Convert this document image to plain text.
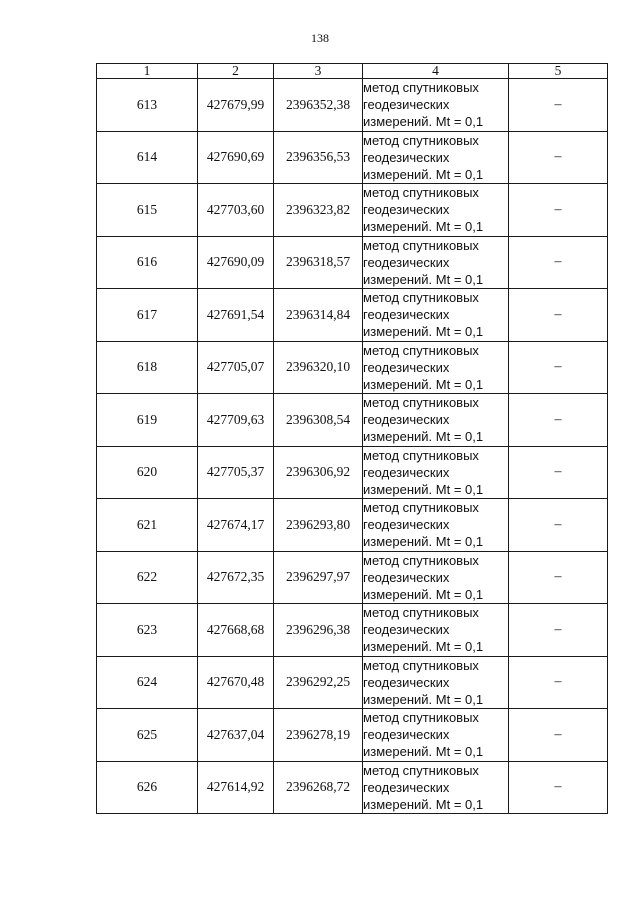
138
1	2	3	4	5
613	427679,99	2396352,38	метод спутниковых
геодезических
измерений. Mt = 0,1	–
614	427690,69	2396356,53	метод спутниковых
геодезических
измерений. Mt = 0,1	–
615	427703,60	2396323,82	метод спутниковых
геодезических
измерений. Mt = 0,1	–
616	427690,09	2396318,57	метод спутниковых
геодезических
измерений. Mt = 0,1	–
617	427691,54	2396314,84	метод спутниковых
геодезических
измерений. Mt = 0,1	–
618	427705,07	2396320,10	метод спутниковых
геодезических
измерений. Mt = 0,1	–
619	427709,63	2396308,54	метод спутниковых
геодезических
измерений. Mt = 0,1	–
620	427705,37	2396306,92	метод спутниковых
геодезических
измерений. Mt = 0,1	–
621	427674,17	2396293,80	метод спутниковых
геодезических
измерений. Mt = 0,1	–
622	427672,35	2396297,97	метод спутниковых
геодезических
измерений. Mt = 0,1	–
623	427668,68	2396296,38	метод спутниковых
геодезических
измерений. Mt = 0,1	–
624	427670,48	2396292,25	метод спутниковых
геодезических
измерений. Mt = 0,1	–
625	427637,04	2396278,19	метод спутниковых
геодезических
измерений. Mt = 0,1	–
626	427614,92	2396268,72	метод спутниковых
геодезических
измерений. Mt = 0,1	–
